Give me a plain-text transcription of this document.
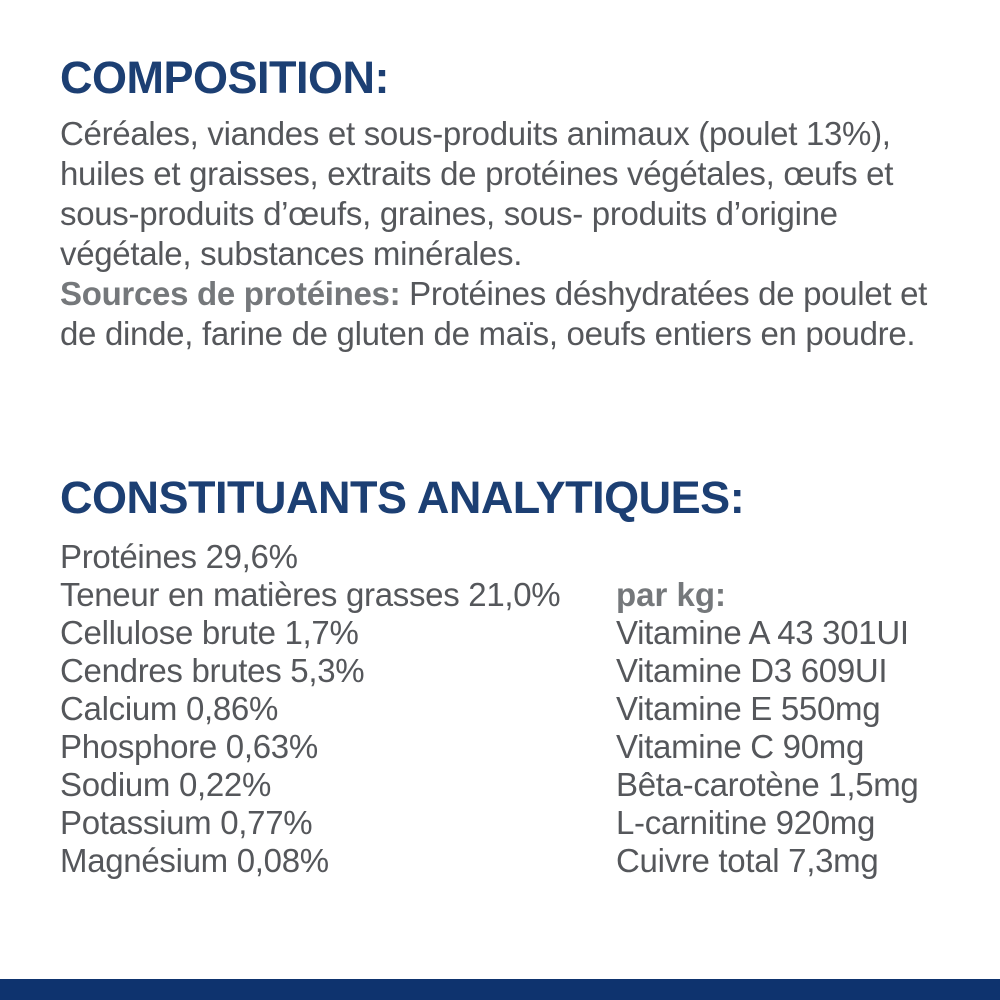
COMPOSITION:

Céréales, viandes et sous-produits animaux (poulet 13%), huiles et graisses, extraits de protéines végétales, œufs et sous-produits d’œufs, graines, sous- produits d’origine végétale, substances minérales.
Sources de protéines: Protéines déshydratées de poulet et de dinde, farine de gluten de maïs, oeufs entiers en poudre.

CONSTITUANTS ANALYTIQUES:
Protéines 29,6%
Teneur en matières grasses 21,0%
Cellulose brute 1,7%
Cendres brutes 5,3%
Calcium 0,86%
Phosphore 0,63%
Sodium 0,22%
Potassium 0,77%
Magnésium 0,08%
par kg:
Vitamine A 43 301UI
Vitamine D3 609UI
Vitamine E 550mg
Vitamine C 90mg
Bêta-carotène 1,5mg
L-carnitine 920mg
Cuivre total 7,3mg
